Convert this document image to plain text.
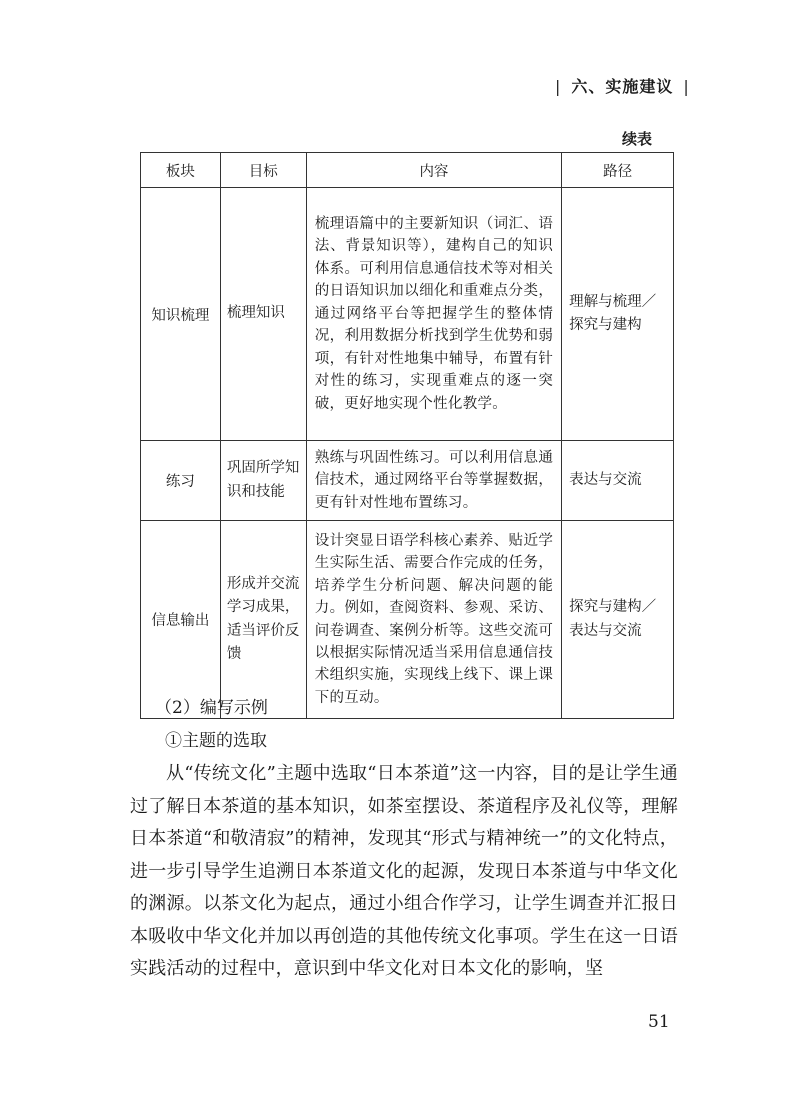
| 六、实施建议 |
续表
板块	目标	内容	路径
知识梳理	梳理知识	梳理语篇中的主要新知识（词汇、语法、背景知识等），建构自己的知识体系。可利用信息通信技术等对相关的日语知识加以细化和重难点分类，通过网络平台等把握学生的整体情况，利用数据分析找到学生优势和弱项，有针对性地集中辅导，布置有针对性的练习，实现重难点的逐一突破，更好地实现个性化教学。	理解与梳理／探究与建构
练习	巩固所学知识和技能	熟练与巩固性练习。可以利用信息通信技术，通过网络平台等掌握数据，更有针对性地布置练习。	表达与交流
信息输出	形成并交流学习成果，适当评价反馈	设计突显日语学科核心素养、贴近学生实际生活、需要合作完成的任务，培养学生分析问题、解决问题的能力。例如，查阅资料、参观、采访、问卷调查、案例分析等。这些交流可以根据实际情况适当采用信息通信技术组织实施，实现线上线下、课上课下的互动。	探究与建构／表达与交流
（2）编写示例
①主题的选取
从“传统文化”主题中选取“日本茶道”这一内容，目的是让学生通过了解日本茶道的基本知识，如茶室摆设、茶道程序及礼仪等，理解日本茶道“和敬清寂”的精神，发现其“形式与精神统一”的文化特点，进一步引导学生追溯日本茶道文化的起源，发现日本茶道与中华文化的渊源。以茶文化为起点，通过小组合作学习，让学生调查并汇报日本吸收中华文化并加以再创造的其他传统文化事项。学生在这一日语实践活动的过程中，意识到中华文化对日本文化的影响，坚
51
